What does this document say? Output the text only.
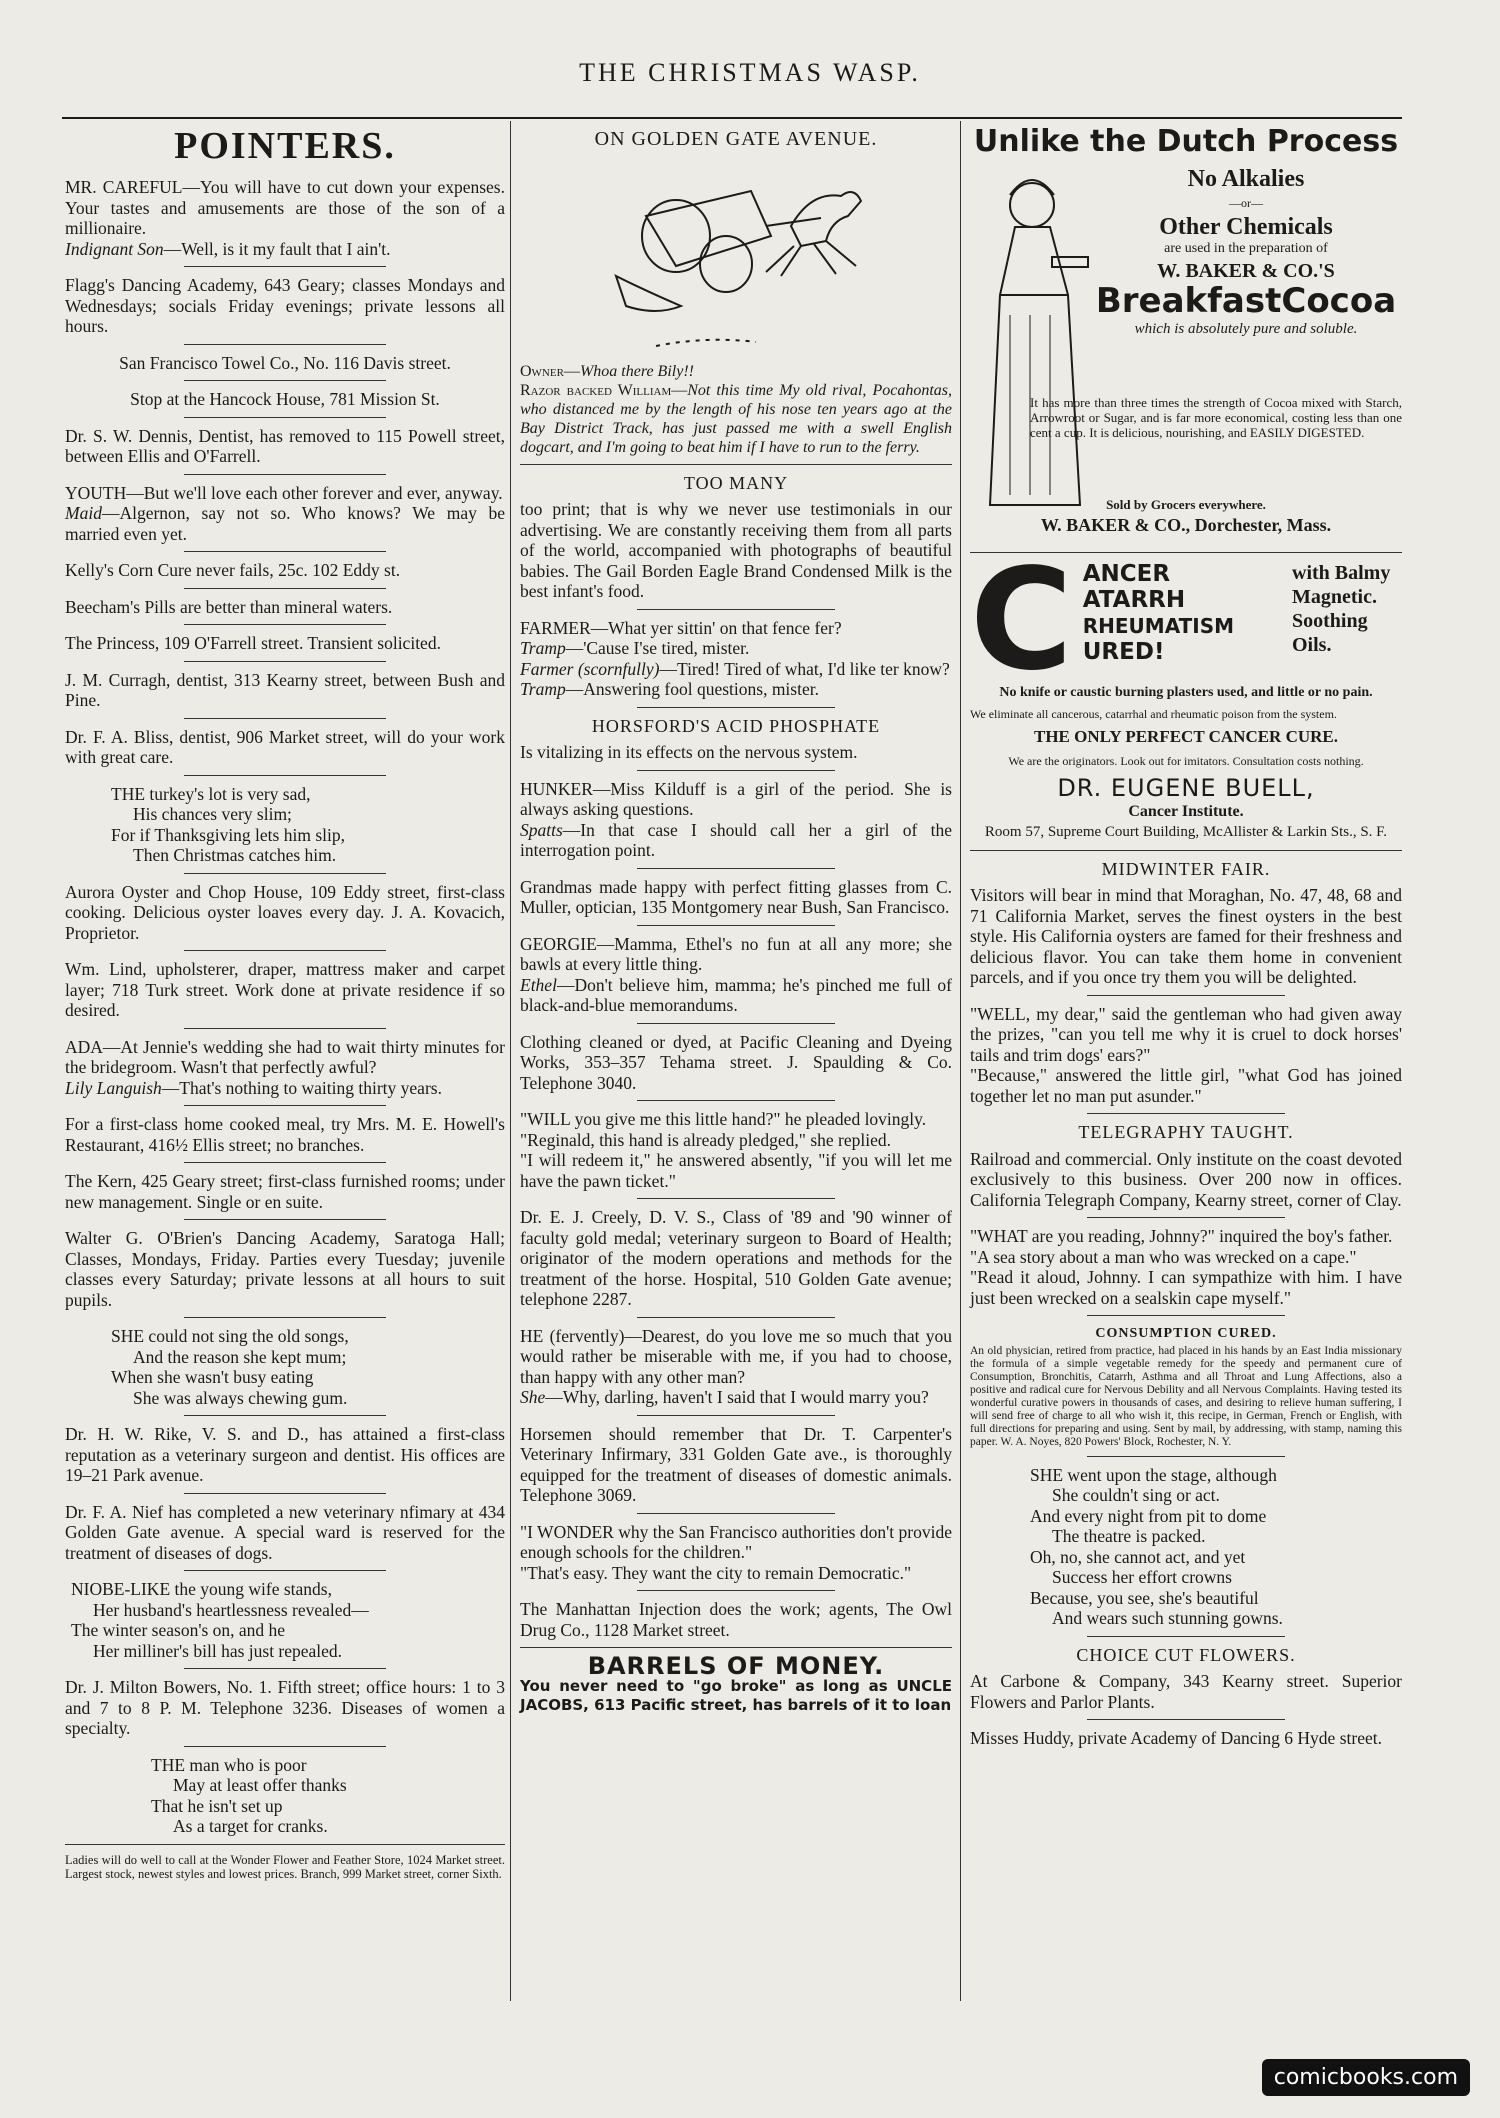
THE CHRISTMAS WASP.
POINTERS.

MR. CAREFUL—You will have to cut down your expenses. Your tastes and amusements are those of the son of a millionaire.
Indignant Son—Well, is it my fault that I ain't.

Flagg's Dancing Academy, 643 Geary; classes Mondays and Wednesdays; socials Friday evenings; private lessons all hours.

San Francisco Towel Co., No. 116 Davis street.

Stop at the Hancock House, 781 Mission St.

Dr. S. W. Dennis, Dentist, has removed to 115 Powell street, between Ellis and O'Farrell.

YOUTH—But we'll love each other forever and ever, anyway.
Maid—Algernon, say not so. Who knows? We may be married even yet.

Kelly's Corn Cure never fails, 25c. 102 Eddy st.

Beecham's Pills are better than mineral waters.

The Princess, 109 O'Farrell street. Transient solicited.

J. M. Curragh, dentist, 313 Kearny street, between Bush and Pine.

Dr. F. A. Bliss, dentist, 906 Market street, will do your work with great care.

THE turkey's lot is very sad,
His chances very slim;
For if Thanksgiving lets him slip,
Then Christmas catches him.

Aurora Oyster and Chop House, 109 Eddy street, first-class cooking. Delicious oyster loaves every day. J. A. Kovacich, Proprietor.

Wm. Lind, upholsterer, draper, mattress maker and carpet layer; 718 Turk street. Work done at private residence if so desired.

ADA—At Jennie's wedding she had to wait thirty minutes for the bridegroom. Wasn't that perfectly awful?
Lily Languish—That's nothing to waiting thirty years.

For a first-class home cooked meal, try Mrs. M. E. Howell's Restaurant, 416½ Ellis street; no branches.

The Kern, 425 Geary street; first-class furnished rooms; under new management. Single or en suite.

Walter G. O'Brien's Dancing Academy, Saratoga Hall; Classes, Mondays, Friday. Parties every Tuesday; juvenile classes every Saturday; private lessons at all hours to suit pupils.

SHE could not sing the old songs,
And the reason she kept mum;
When she wasn't busy eating
She was always chewing gum.

Dr. H. W. Rike, V. S. and D., has attained a first-class reputation as a veterinary surgeon and dentist. His offices are 19–21 Park avenue.

Dr. F. A. Nief has completed a new veterinary nfimary at 434 Golden Gate avenue. A special ward is reserved for the treatment of diseases of dogs.

NIOBE-LIKE the young wife stands,
Her husband's heartlessness revealed—
The winter season's on, and he
Her milliner's bill has just repealed.

Dr. J. Milton Bowers, No. 1. Fifth street; office hours: 1 to 3 and 7 to 8 P. M. Telephone 3236. Diseases of women a specialty.

THE man who is poor
May at least offer thanks
That he isn't set up
As a target for cranks.

Ladies will do well to call at the Wonder Flower and Feather Store, 1024 Market street. Largest stock, newest styles and lowest prices. Branch, 999 Market street, corner Sixth.

ON GOLDEN GATE AVENUE.

Owner—Whoa there Bily!!
Razor backed William—Not this time My old rival, Pocahontas, who distanced me by the length of his nose ten years ago at the Bay District Track, has just passed me with a swell English dogcart, and I'm going to beat him if I have to run to the ferry.

TOO MANY

too print; that is why we never use testimonials in our advertising. We are constantly receiving them from all parts of the world, accompanied with photographs of beautiful babies. The Gail Borden Eagle Brand Condensed Milk is the best infant's food.

FARMER—What yer sittin' on that fence fer?
Tramp—'Cause I'se tired, mister.
Farmer (scornfully)—Tired! Tired of what, I'd like ter know?
Tramp—Answering fool questions, mister.

HORSFORD'S ACID PHOSPHATE

Is vitalizing in its effects on the nervous system.

HUNKER—Miss Kilduff is a girl of the period. She is always asking questions.
Spatts—In that case I should call her a girl of the interrogation point.

Grandmas made happy with perfect fitting glasses from C. Muller, optician, 135 Montgomery near Bush, San Francisco.

GEORGIE—Mamma, Ethel's no fun at all any more; she bawls at every little thing.
Ethel—Don't believe him, mamma; he's pinched me full of black-and-blue memorandums.

Clothing cleaned or dyed, at Pacific Cleaning and Dyeing Works, 353–357 Tehama street. J. Spaulding & Co. Telephone 3040.

"WILL you give me this little hand?" he pleaded lovingly.
"Reginald, this hand is already pledged," she replied.
"I will redeem it," he answered absently, "if you will let me have the pawn ticket."

Dr. E. J. Creely, D. V. S., Class of '89 and '90 winner of faculty gold medal; veterinary surgeon to Board of Health; originator of the modern operations and methods for the treatment of the horse. Hospital, 510 Golden Gate avenue; telephone 2287.

HE (fervently)—Dearest, do you love me so much that you would rather be miserable with me, if you had to choose, than happy with any other man?
She—Why, darling, haven't I said that I would marry you?

Horsemen should remember that Dr. T. Carpenter's Veterinary Infirmary, 331 Golden Gate ave., is thoroughly equipped for the treatment of diseases of domestic animals. Telephone 3069.

"I WONDER why the San Francisco authorities don't provide enough schools for the children."
"That's easy. They want the city to remain Democratic."

The Manhattan Injection does the work; agents, The Owl Drug Co., 1128 Market street.

BARRELS OF MONEY.

You never need to "go broke" as long as UNCLE JACOBS, 613 Pacific street, has barrels of it to loan

Unlike the Dutch Process
No Alkalies
—or—
Other Chemicals
are used in the preparation of
W. BAKER & CO.'S
BreakfastCocoa
which is absolutely pure and soluble.
It has more than three times the strength of Cocoa mixed with Starch, Arrowroot or Sugar, and is far more economical, costing less than one cent a cup. It is delicious, nourishing, and EASILY DIGESTED.
Sold by Grocers everywhere.
W. BAKER & CO., Dorchester, Mass.
C ANCER
ATARRH
RHEUMATISM
URED!
with Balmy
Magnetic.
Soothing Oils.

No knife or caustic burning plasters used, and little or no pain.

We eliminate all cancerous, catarrhal and rheumatic poison from the system.

THE ONLY PERFECT CANCER CURE.

We are the originators. Look out for imitators. Consultation costs nothing.

DR. EUGENE BUELL,

Cancer Institute.

Room 57, Supreme Court Building, McAllister & Larkin Sts., S. F.

MIDWINTER FAIR.

Visitors will bear in mind that Moraghan, No. 47, 48, 68 and 71 California Market, serves the finest oysters in the best style. His California oysters are famed for their freshness and delicious flavor. You can take them home in convenient parcels, and if you once try them you will be delighted.

"WELL, my dear," said the gentleman who had given away the prizes, "can you tell me why it is cruel to dock horses' tails and trim dogs' ears?"
"Because," answered the little girl, "what God has joined together let no man put asunder."

TELEGRAPHY TAUGHT.

Railroad and commercial. Only institute on the coast devoted exclusively to this business. Over 200 now in offices. California Telegraph Company, Kearny street, corner of Clay.

"WHAT are you reading, Johnny?" inquired the boy's father.
"A sea story about a man who was wrecked on a cape."
"Read it aloud, Johnny. I can sympathize with him. I have just been wrecked on a sealskin cape myself."

CONSUMPTION CURED.

An old physician, retired from practice, had placed in his hands by an East India missionary the formula of a simple vegetable remedy for the speedy and permanent cure of Consumption, Bronchitis, Catarrh, Asthma and all Throat and Lung Affections, also a positive and radical cure for Nervous Debility and all Nervous Complaints. Having tested its wonderful curative powers in thousands of cases, and desiring to relieve human suffering, I will send free of charge to all who wish it, this recipe, in German, French or English, with full directions for preparing and using. Sent by mail, by addressing, with stamp, naming this paper. W. A. Noyes, 820 Powers' Block, Rochester, N. Y.

SHE went upon the stage, although
She couldn't sing or act.
And every night from pit to dome
The theatre is packed.
Oh, no, she cannot act, and yet
Success her effort crowns
Because, you see, she's beautiful
And wears such stunning gowns.
CHOICE CUT FLOWERS.

At Carbone & Company, 343 Kearny street. Superior Flowers and Parlor Plants.

Misses Huddy, private Academy of Dancing 6 Hyde street.

comicbooks.com
